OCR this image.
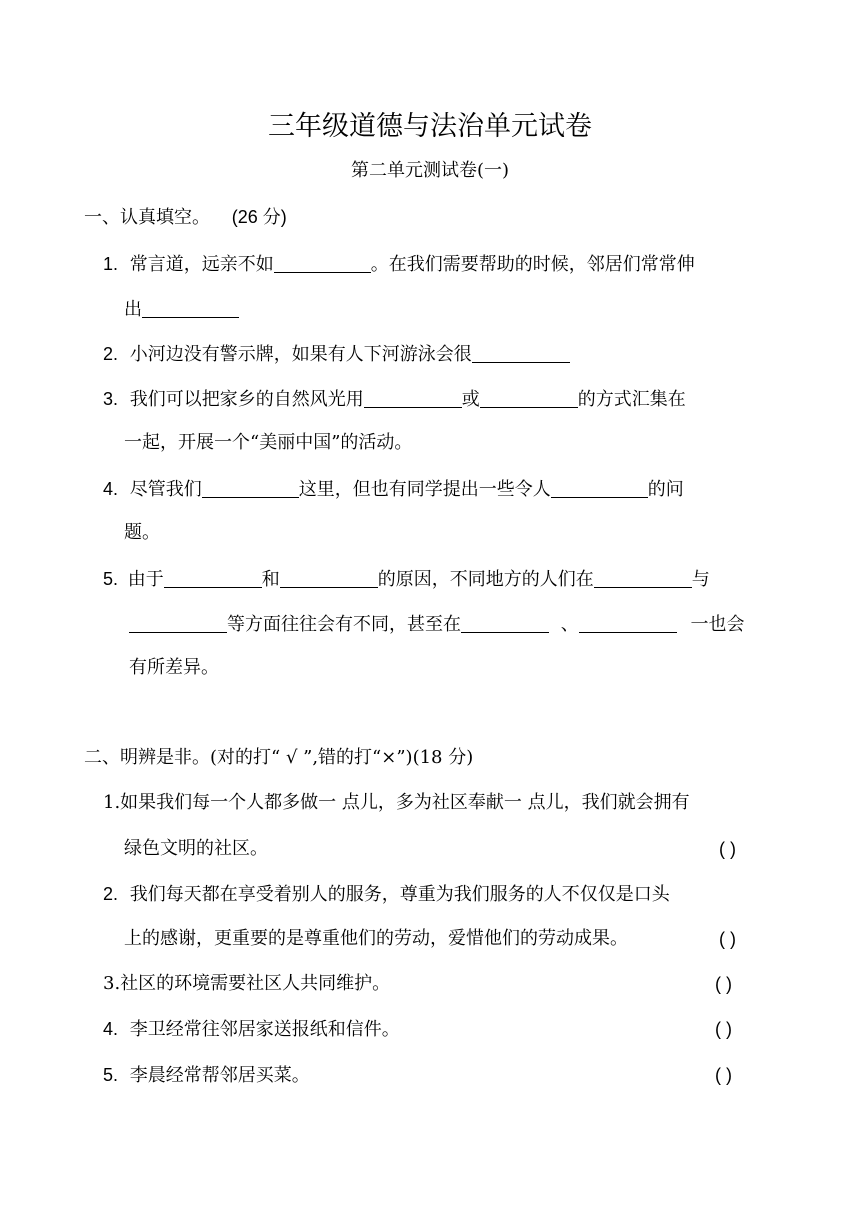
三年级道德与法治单元试卷
第二单元测试卷(一)
一、认真填空。 (26 分)
1. 常言道，远亲不如	。在我们需要帮助的时候，邻居们常常伸
出
2. 小河边没有警示牌，如果有人下河游泳会很
3. 我们可以把家乡的自然风光用	或	的方式汇集在
一起，开展一个“美丽中国”的活动。
4. 尽管我们	这里，但也有同学提出一些令人	的问
题。
5. 由于	和	的原因，不同地方的人们在	与
等方面往往会有不同，甚至在	、	一也会
有所差异。
二、明辨是非。(对的打“ √ ”,错的打“×”)(18 分)
1.如果我们每一个人都多做一 点儿，多为社区奉献一 点儿，我们就会拥有
绿色文明的社区。	( )
2. 我们每天都在享受着别人的服务，尊重为我们服务的人不仅仅是口头
上的感谢，更重要的是尊重他们的劳动，爱惜他们的劳动成果。	( )
3.社区的环境需要社区人共同维护。	( )
4. 李卫经常往邻居家送报纸和信件。	( )
5. 李晨经常帮邻居买菜。	( )
